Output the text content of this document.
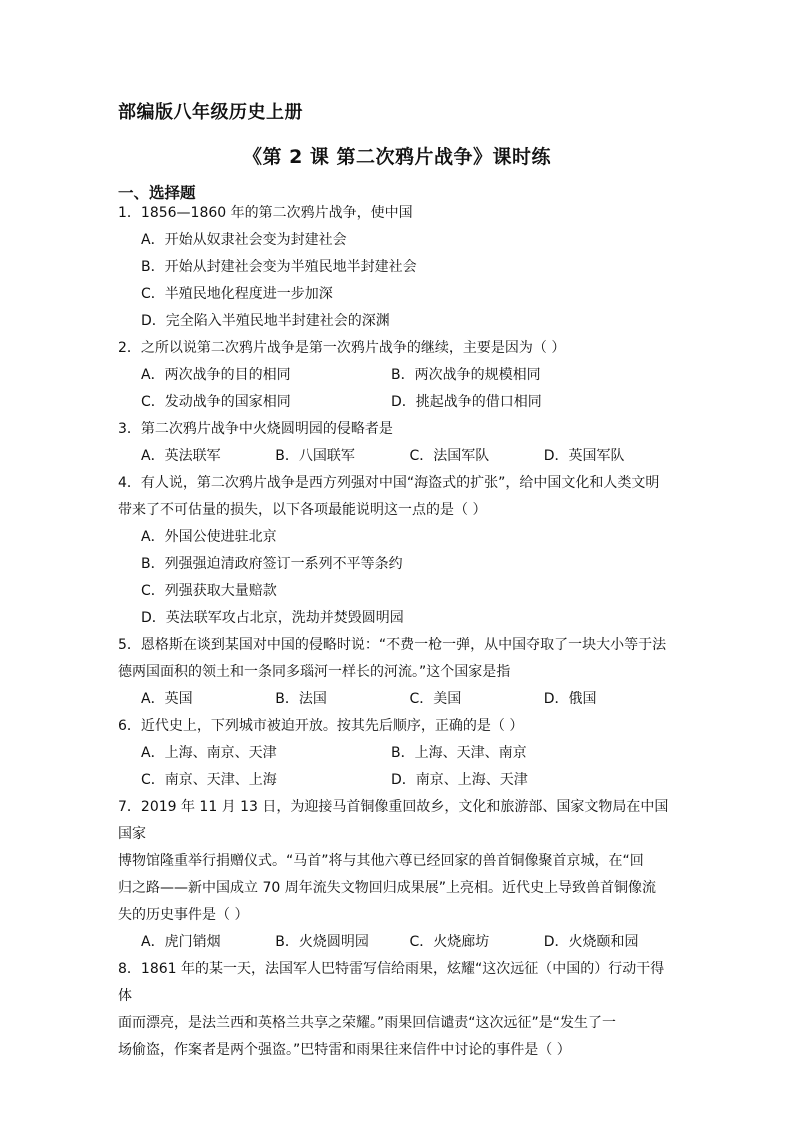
部编版八年级历史上册
《第 2 课 第二次鸦片战争》课时练
一、选择题
1．1856—1860 年的第二次鸦片战争，使中国
A．开始从奴隶社会变为封建社会
B．开始从封建社会变为半殖民地半封建社会
C．半殖民地化程度进一步加深
D．完全陷入半殖民地半封建社会的深渊
2．之所以说第二次鸦片战争是第一次鸦片战争的继续，主要是因为（ ）
A．两次战争的目的相同	B．两次战争的规模相同
C．发动战争的国家相同	D．挑起战争的借口相同
3．第二次鸦片战争中火烧圆明园的侵略者是
A．英法联军	B．八国联军	C．法国军队	D．英国军队
4．有人说，第二次鸦片战争是西方列强对中国“海盗式的扩张”，给中国文化和人类文明
带来了不可估量的损失，以下各项最能说明这一点的是（ ）
A．外国公使进驻北京
B．列强强迫清政府签订一系列不平等条约
C．列强获取大量赔款
D．英法联军攻占北京，洗劫并焚毁圆明园
5．恩格斯在谈到某国对中国的侵略时说：“不费一枪一弹，从中国夺取了一块大小等于法
德两国面积的领土和一条同多瑙河一样长的河流。”这个国家是指
A．英国	B．法国	C．美国	D．俄国
6．近代史上，下列城市被迫开放。按其先后顺序，正确的是（ ）
A．上海、南京、天津	B．上海、天津、南京
C．南京、天津、上海	D．南京、上海、天津
7．2019 年 11 月 13 日，为迎接马首铜像重回故乡，文化和旅游部、国家文物局在中国国家
博物馆隆重举行捐赠仪式。“马首”将与其他六尊已经回家的兽首铜像聚首京城，在“回
归之路——新中国成立 70 周年流失文物回归成果展”上亮相。近代史上导致兽首铜像流
失的历史事件是（ ）
A．虎门销烟	B．火烧圆明园	C．火烧廊坊	D．火烧颐和园
8．1861 年的某一天，法国军人巴特雷写信给雨果，炫耀“这次远征（中国的）行动干得体
面而漂亮，是法兰西和英格兰共享之荣耀。”雨果回信谴责“这次远征”是“发生了一
场偷盗，作案者是两个强盗。”巴特雷和雨果往来信件中讨论的事件是（ ）
